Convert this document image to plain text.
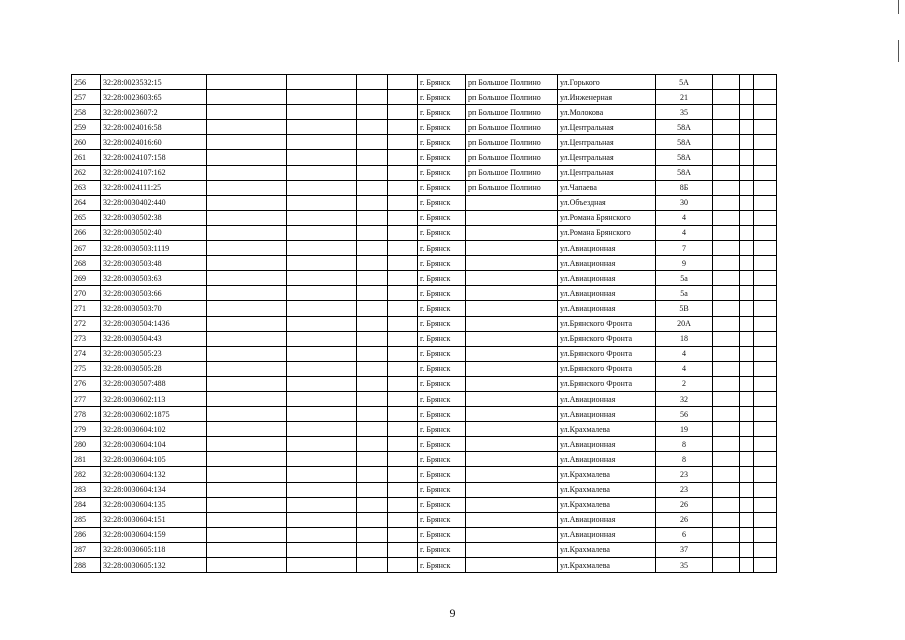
256	32:28:0023532:15					г. Брянск	рп Большое Полпино	ул.Горького	5А			
257	32:28:0023603:65					г. Брянск	рп Большое Полпино	ул.Инженерная	21			
258	32:28:0023607:2					г. Брянск	рп Большое Полпино	ул.Молокова	35			
259	32:28:0024016:58					г. Брянск	рп Большое Полпино	ул.Центральная	58А			
260	32:28:0024016:60					г. Брянск	рп Большое Полпино	ул.Центральная	58А			
261	32:28:0024107:158					г. Брянск	рп Большое Полпино	ул.Центральная	58А			
262	32:28:0024107:162					г. Брянск	рп Большое Полпино	ул.Центральная	58А			
263	32:28:0024111:25					г. Брянск	рп Большое Полпино	ул.Чапаева	8Б			
264	32:28:0030402:440					г. Брянск		ул.Объездная	30			
265	32:28:0030502:38					г. Брянск		ул.Романа Брянского	4			
266	32:28:0030502:40					г. Брянск		ул.Романа Брянского	4			
267	32:28:0030503:1119					г. Брянск		ул.Авиационная	7			
268	32:28:0030503:48					г. Брянск		ул.Авиационная	9			
269	32:28:0030503:63					г. Брянск		ул.Авиационная	5а			
270	32:28:0030503:66					г. Брянск		ул.Авиационная	5а			
271	32:28:0030503:70					г. Брянск		ул.Авиационная	5В			
272	32:28:0030504:1436					г. Брянск		ул.Брянского Фронта	20А			
273	32:28:0030504:43					г. Брянск		ул.Брянского Фронта	18			
274	32:28:0030505:23					г. Брянск		ул.Брянского Фронта	4			
275	32:28:0030505:28					г. Брянск		ул.Брянского Фронта	4			
276	32:28:0030507:488					г. Брянск		ул.Брянского Фронта	2			
277	32:28:0030602:113					г. Брянск		ул.Авиационная	32			
278	32:28:0030602:1875					г. Брянск		ул.Авиационная	56			
279	32:28:0030604:102					г. Брянск		ул.Крахмалева	19			
280	32:28:0030604:104					г. Брянск		ул.Авиационная	8			
281	32:28:0030604:105					г. Брянск		ул.Авиационная	8			
282	32:28:0030604:132					г. Брянск		ул.Крахмалева	23			
283	32:28:0030604:134					г. Брянск		ул.Крахмалева	23			
284	32:28:0030604:135					г. Брянск		ул.Крахмалева	26			
285	32:28:0030604:151					г. Брянск		ул.Авиационная	26			
286	32:28:0030604:159					г. Брянск		ул.Авиационная	6			
287	32:28:0030605:118					г. Брянск		ул.Крахмалева	37			
288	32:28:0030605:132					г. Брянск		ул.Крахмалева	35			
9
